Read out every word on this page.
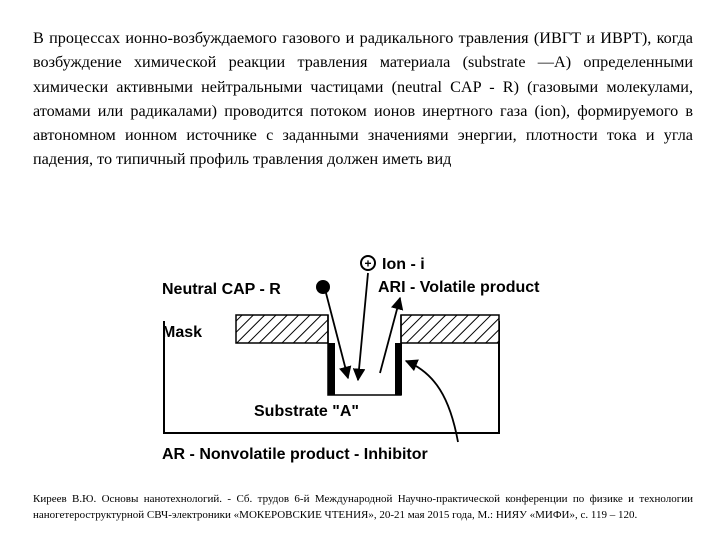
В процессах ионно-возбуждаемого газового и радикального травления (ИВГТ и ИВРТ), когда возбуждение химической реакции травления материала (substrate —A) определенными химически активными нейтральными частицами (neutral CAP - R) (газовыми молекулами, атомами или радикалами) проводится потоком ионов инертного газа (ion), формируемого в автономном ионном источнике с заданными значениями энергии, плотности тока и угла падения, то типичный профиль травления должен иметь вид

+ Ion - i
Neutral CAP - R	ARI - Volatile product
Mask
Substrate "A"
AR - Nonvolatile product - Inhibitor

Киреев В.Ю. Основы нанотехнологий. - Сб. трудов 6-й Международной Научно-практической конференции по физике и технологии наногетероструктурной СВЧ-электроники «МОКЕРОВСКИЕ ЧТЕНИЯ», 20-21 мая 2015 года, М.: НИЯУ «МИФИ», с. 119 – 120.
